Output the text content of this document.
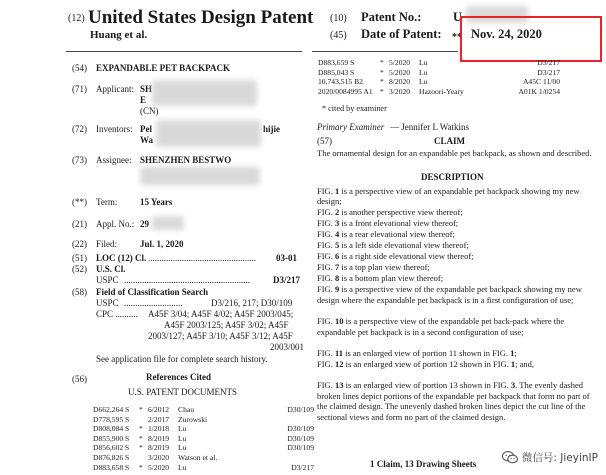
(12) United States Design Patent
Huang et al.
(10) Patent No.:	U
(45) Date of Patent: ** Nov. 24, 2020
(54) EXPANDABLE PET BACKPACK
(71) Applicant: SH
E
(CN)
(72) Inventors: Pel
Wa
hijie
(73) Assignee: SHENZHEN BESTWO
(**) Term:	15 Years
(21) Appl. No.: 29
(22) Filed:	Jul. 1, 2020
(51) LOC (12) Cl. ................................................ 03-01
(52) U.S. Cl.
USPC ........................................................	D3/217
(58) Field of Classification Search
USPC ..........................	D3/216, 217; D30/109
CPC .......... A45F 3/04; A45F 4/02; A45F 2003/045;
A45F 2003/125; A45F 3/02; A45F
2003/127; A45F 3/10; A45F 3/12; A45F
2003/001
See application file for complete search history.
(56)	References Cited
U.S. PATENT DOCUMENTS
D662,264 S * 6/2012 Chau	D30/109
D778,595 S 2/2017 Zurowski
D808,084 S * 1/2018 Lu	D30/109
D855,900 S * 8/2019 Lu	D30/109
D856,602 S * 8/2019 Lu	D30/109
D876,826 S 3/2020 Watson et al.
D883,658 S * 5/2020 Lu	D3/217
D883,659 S	* 5/2020 Lu	D3/217
D885,043 S	* 5/2020 Lu	D3/217
10,743,515 B2 * 8/2020 Lu	A45C 11/00
2020/0084995 A1 * 3/2020 Hazoori-Yeary	A01K 1/0254
* cited by examiner
Primary Examiner — Jennifer L Watkins
(57)	CLAIM
The ornamental design for an expandable pet backpack, as shown and described.
DESCRIPTION
FIG. 1 is a perspective view of an expandable pet backpack showing my new design;
FIG. 2 is another perspective view thereof;
FIG. 3 is a front elevational view thereof;
FIG. 4 is a rear elevational view thereof;
FIG. 5 is a left side elevational view thereof;
FIG. 6 is a right side elevational view thereof;
FIG. 7 is a top plan view thereof;
FIG. 8 is a bottom plan view thereof;
FIG. 9 is a perspective view of the expandable pet backpack showing my new design where the expandable pet backpack is in a first configuration of use;
FIG. 10 is a perspective view of the expandable pet back-pack where the expandable pet backpack is in a second configuration of use;
FIG. 11 is an enlarged view of portion 11 shown in FIG. 1;
FIG. 12 is an enlarged view of portion 12 shown in FIG. 1; and,
FIG. 13 is an enlarged view of portion 13 shown in FIG. 3. The evenly dashed broken lines depict portions of the expandable pet backpack that form no part of the claimed design. The unevenly dashed broken lines depict the cut line of the sectional views and form no part of the claimed design.
1 Claim, 13 Drawing Sheets	微信号: JieyinIP
